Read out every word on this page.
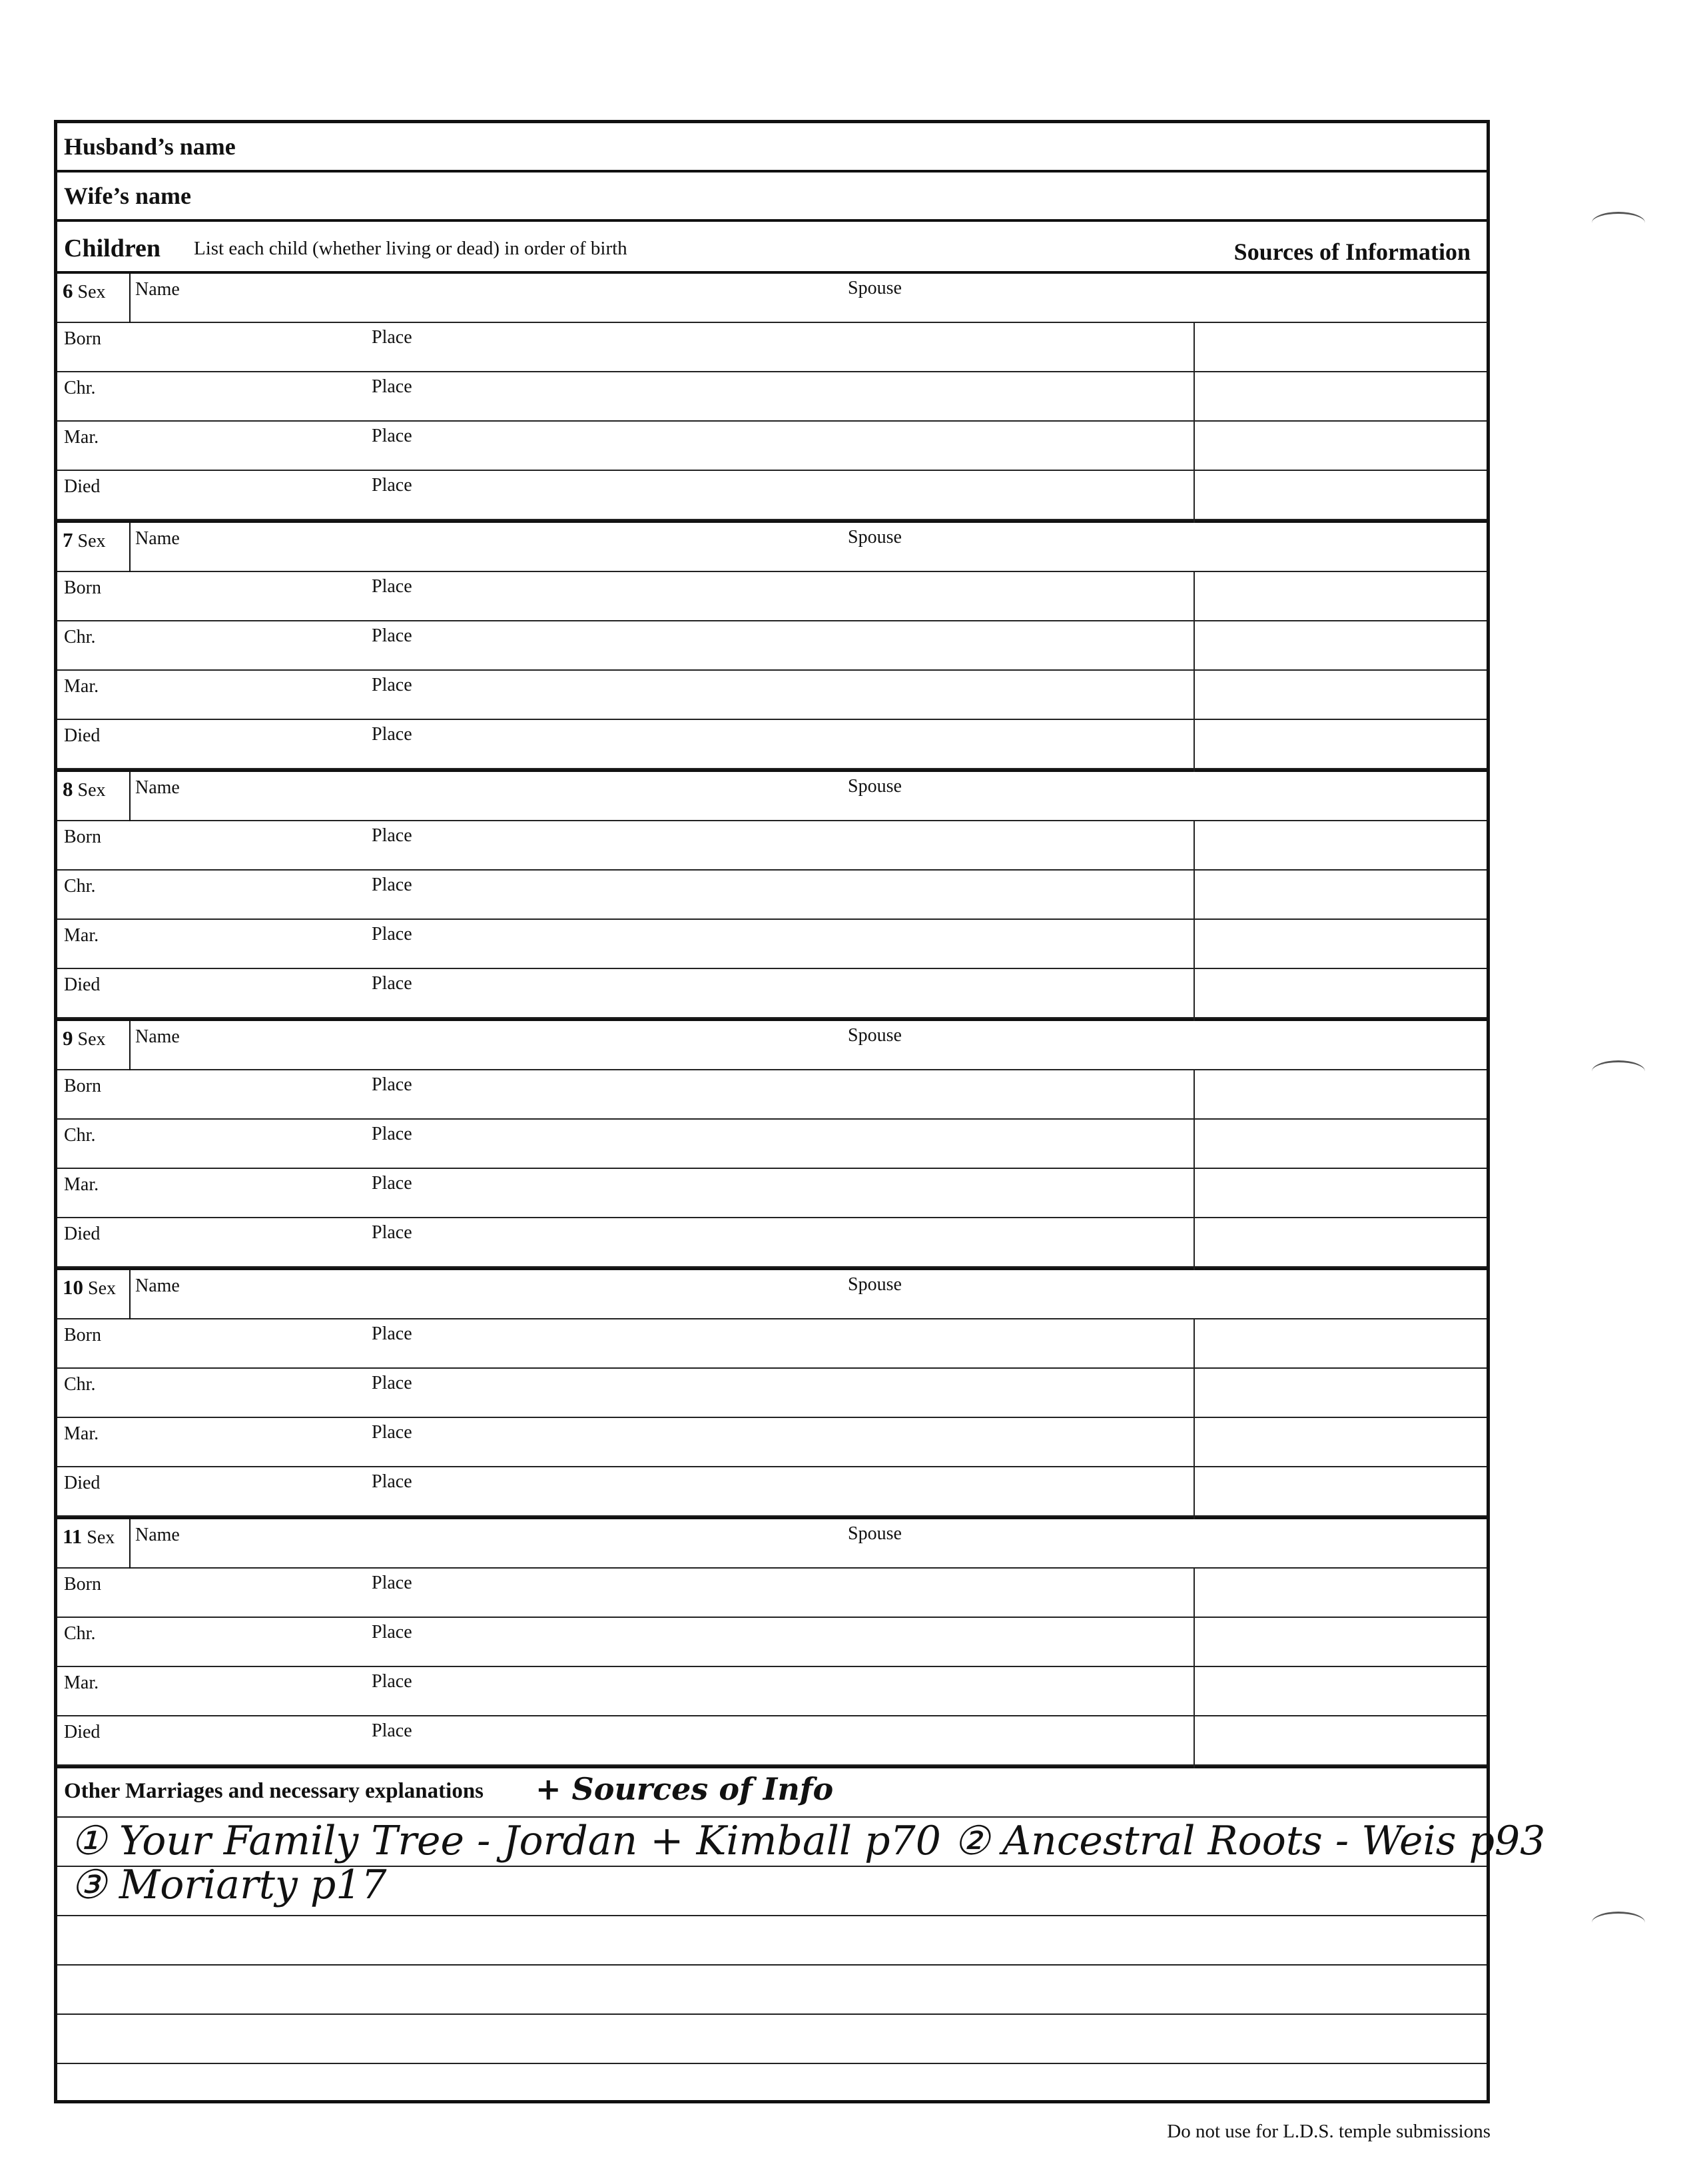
Husband’s name
Wife’s name
Children List each child (whether living or dead) in order of birth	Sources of Information
6 Sex Name	Spouse
Born	Place
Chr.	Place
Mar.	Place
Died	Place
7 Sex Name	Spouse
Born	Place
Chr.	Place
Mar.	Place
Died	Place
8 Sex Name	Spouse
Born	Place
Chr.	Place
Mar.	Place
Died	Place
9 Sex Name	Spouse
Born	Place
Chr.	Place
Mar.	Place
Died	Place
10 Sex Name	Spouse
Born	Place
Chr.	Place
Mar.	Place
Died	Place
11 Sex Name	Spouse
Born	Place
Chr.	Place
Mar.	Place
Died	Place
Other Marriages and necessary explanations + Sources of Info
① Your Family Tree - Jordan + Kimball p70 ② Ancestral Roots - Weis p93
③ Moriarty p17
Do not use for L.D.S. temple submissions
